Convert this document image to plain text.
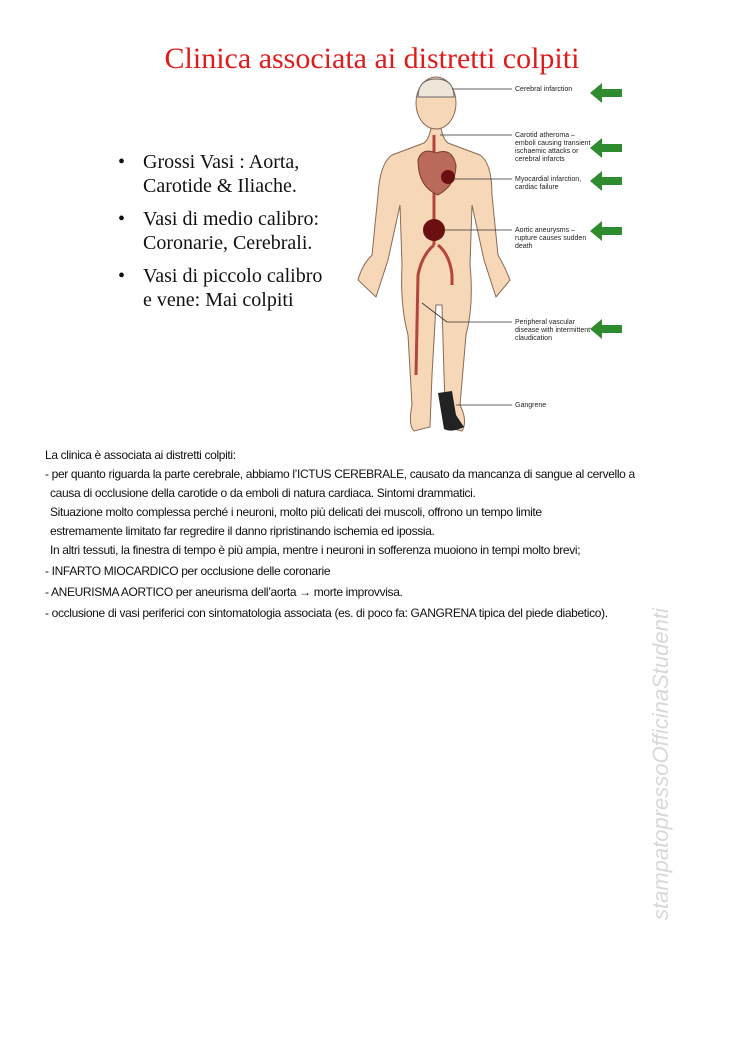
Clinica associata ai distretti colpiti
• Grossi Vasi : Aorta,
Carotide & Iliache.
• Vasi di medio calibro:
Coronarie, Cerebrali.
• Vasi di piccolo calibro
e vene: Mai colpiti
Cerebral infarction
Carotid atheroma – emboli causing transient ischaemic attacks or cerebral infarcts
Myocardial infarction, cardiac failure
Aortic aneurysms – rupture causes sudden death
Peripheral vascular disease with intermittent claudication
Gangrene

La clinica è associata ai distretti colpiti:

- per quanto riguarda la parte cerebrale, abbiamo l’ICTUS CEREBRALE, causato da mancanza di sangue al cervello a

causa di occlusione della carotide o da emboli di natura cardiaca. Sintomi drammatici.

Situazione molto complessa perché i neuroni, molto più delicati dei muscoli, offrono un tempo limite

estremamente limitato far regredire il danno ripristinando ischemia ed ipossia.

In altri tessuti, la finestra di tempo è più ampia, mentre i neuroni in sofferenza muoiono in tempi molto brevi;

- INFARTO MIOCARDICO per occlusione delle coronarie

- ANEURISMA AORTICO per aneurisma dell’aorta → morte improvvisa.

- occlusione di vasi periferici con sintomatologia associata (es. di poco fa: GANGRENA tipica del piede diabetico).	stampatopressoOfficinaStudenti
